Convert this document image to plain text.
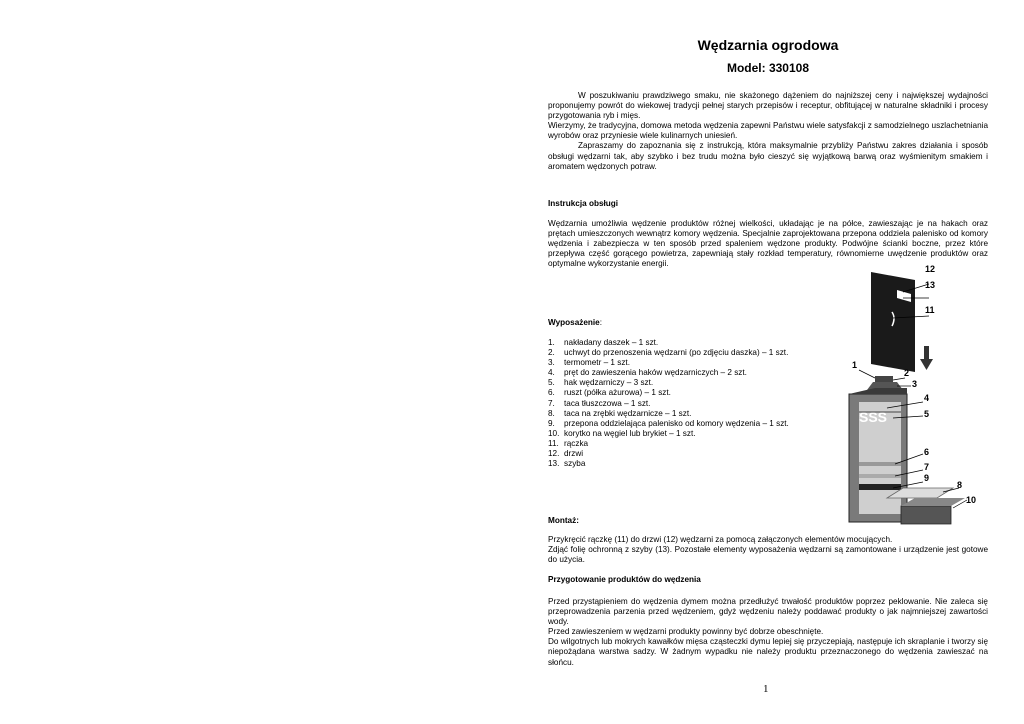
Wędzarnia ogrodowa
Model: 330108
W poszukiwaniu prawdziwego smaku, nie skażonego dążeniem do najniższej ceny i największej wydajności proponujemy powrót do wiekowej tradycji pełnej starych przepisów i receptur, obfitującej w naturalne składniki i procesy przygotowania ryb i mięs.
Wierzymy, że tradycyjna, domowa metoda wędzenia zapewni Państwu wiele satysfakcji z samodzielnego uszlachetniania wyrobów oraz przyniesie wiele kulinarnych uniesień.
Zapraszamy do zapoznania się z instrukcją, która maksymalnie przybliży Państwu zakres działania i sposób obsługi wędzarni tak, aby szybko i bez trudu można było cieszyć się wyjątkową barwą oraz wyśmienitym smakiem i aromatem wędzonych potraw.
Instrukcja obsługi
Wędzarnia umożliwia wędzenie produktów różnej wielkości, układając je na półce, zawieszając je na hakach oraz prętach umieszczonych wewnątrz komory wędzenia. Specjalnie zaprojektowana przepona oddziela palenisko od komory wędzenia i zabezpiecza w ten sposób przed spaleniem wędzone produkty. Podwójne ścianki boczne, przez które przepływa część gorącego powietrza, zapewniają stały rozkład temperatury, równomierne uwędzenie produktów oraz optymalne wykorzystanie energii.
Wyposażenie:
1. nakładany daszek – 1 szt.
2. uchwyt do przenoszenia wędzarni (po zdjęciu daszka) – 1 szt.
3. termometr – 1 szt.
4. pręt do zawieszenia haków wędzarniczych – 2 szt.
5. hak wędzarniczy – 3 szt.
6. ruszt (półka ażurowa) – 1 szt.
7. taca tłuszczowa – 1 szt.
8. taca na zrębki wędzarnicze – 1 szt.
9. przepona oddzielająca palenisko od komory wędzenia – 1 szt.
10. korytko na węgiel lub brykiet – 1 szt.
11. rączka
12. drzwi
13. szyba
Montaż:
Przykręcić rączkę (11) do drzwi (12) wędzarni za pomocą załączonych elementów mocujących.
Zdjąć folię ochronną z szyby (13). Pozostałe elementy wyposażenia wędzarni są zamontowane i urządzenie jest gotowe do użycia.
Przygotowanie produktów do wędzenia
Przed przystąpieniem do wędzenia dymem można przedłużyć trwałość produktów poprzez peklowanie. Nie zaleca się przeprowadzenia parzenia przed wędzeniem, gdyż wędzeniu należy poddawać produkty o jak najmniejszej zawartości wody.
Przed zawieszeniem w wędzarni produkty powinny być dobrze obeschnięte.
Do wilgotnych lub mokrych kawałków mięsa cząsteczki dymu lepiej się przyczepiają, następuje ich skraplanie i tworzy się niepożądana warstwa sadzy. W żadnym wypadku nie należy produktu przeznaczonego do wędzenia zawieszać na słońcu.
SSS
12
13
11
1
2
3
4
5
6
7
9
8
10
1
